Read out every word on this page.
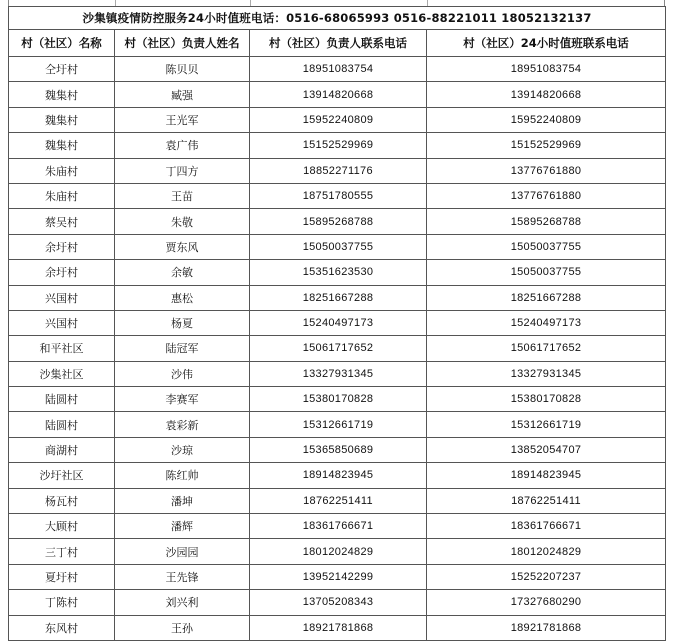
沙集镇疫情防控服务24小时值班电话：0516-68065993 0516-88221011 18052132137			
村（社区）名称	村（社区）负责人姓名	村（社区）负责人联系电话	村（社区）24小时值班联系电话
仝圩村	陈贝贝	18951083754	18951083754
魏集村	臧强	13914820668	13914820668
魏集村	王光军	15952240809	15952240809
魏集村	袁广伟	15152529969	15152529969
朱庙村	丁四方	18852271176	13776761880
朱庙村	王苗	18751780555	13776761880
蔡吴村	朱敬	15895268788	15895268788
余圩村	贾东风	15050037755	15050037755
余圩村	余敏	15351623530	15050037755
兴国村	惠松	18251667288	18251667288
兴国村	杨夏	15240497173	15240497173
和平社区	陆冠军	15061717652	15061717652
沙集社区	沙伟	13327931345	13327931345
陆圆村	李赛军	15380170828	15380170828
陆圆村	袁彩新	15312661719	15312661719
商湖村	沙琼	15365850689	13852054707
沙圩社区	陈红帅	18914823945	18914823945
杨瓦村	潘坤	18762251411	18762251411
大顾村	潘辉	18361766671	18361766671
三丁村	沙园园	18012024829	18012024829
夏圩村	王先锋	13952142299	15252207237
丁陈村	刘兴利	13705208343	17327680290
东风村	王孙	18921781868	18921781868
